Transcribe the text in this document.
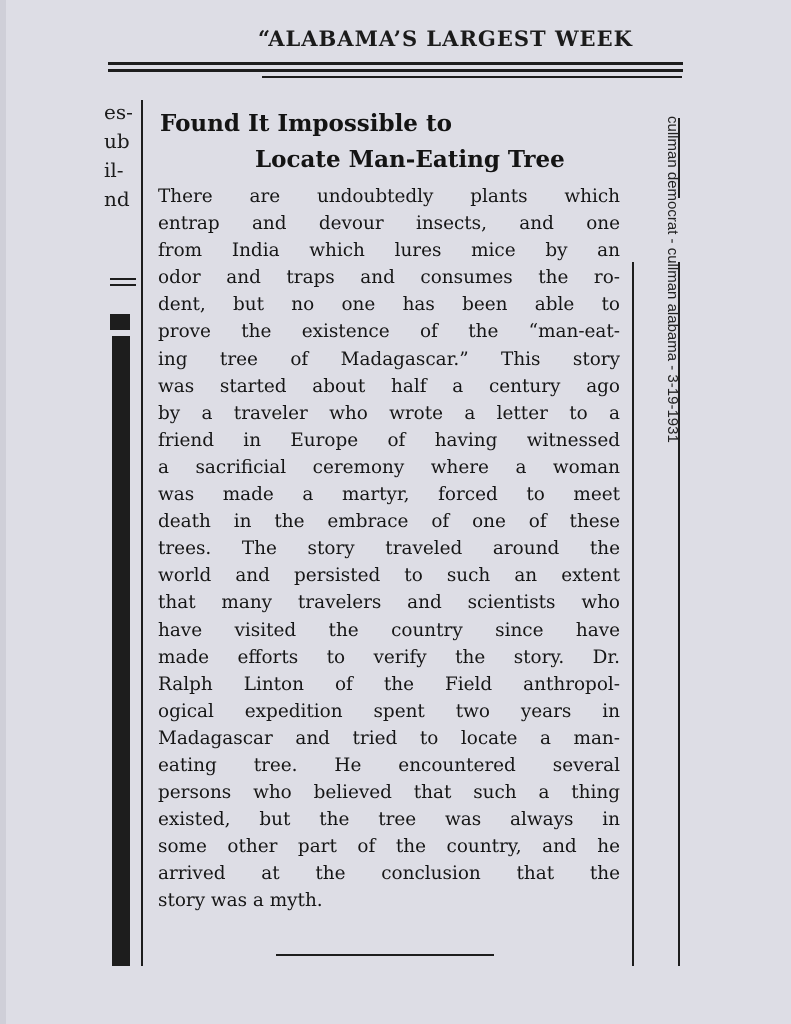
“ALABAMA’S LARGEST WEEK
es-
ub
il-
nd
Found It Impossible to
Locate Man-Eating Tree
There are undoubtedly plants which
entrap and devour insects, and one
from India which lures mice by an
odor and traps and consumes the ro-
dent, but no one has been able to
prove the existence of the “man-eat-
ing tree of Madagascar.” This story
was started about half a century ago
by a traveler who wrote a letter to a
friend in Europe of having witnessed
a sacrificial ceremony where a woman
was made a martyr, forced to meet
death in the embrace of one of these
trees. The story traveled around the
world and persisted to such an extent
that many travelers and scientists who
have visited the country since have
made efforts to verify the story. Dr.
Ralph Linton of the Field anthropol-
ogical expedition spent two years in
Madagascar and tried to locate a man-
eating tree. He encountered several
persons who believed that such a thing
existed, but the tree was always in
some other part of the country, and he
arrived at the conclusion that the
story was a myth.
cullman democrat - cullman alabama - 3-19-1931
